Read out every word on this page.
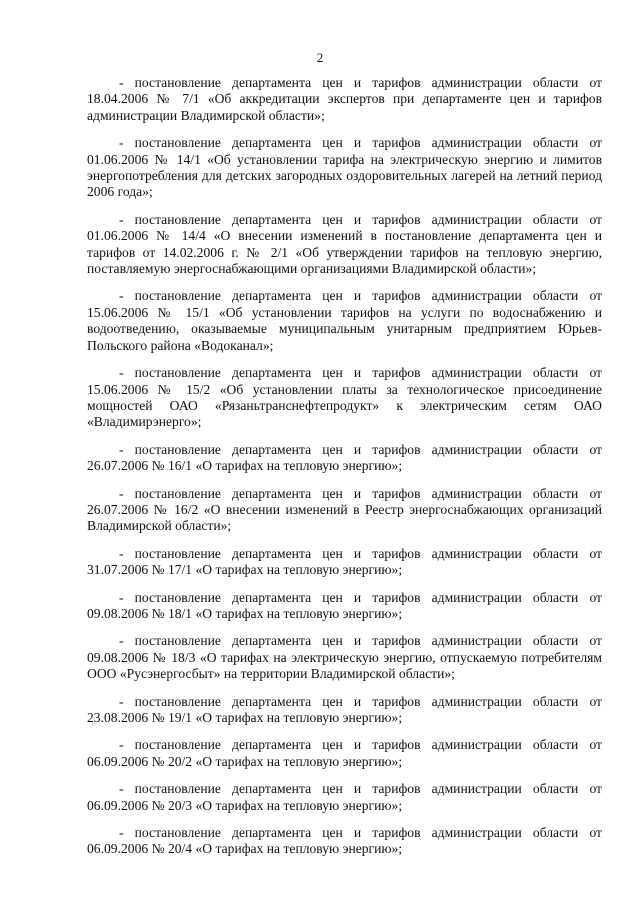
2

- постановление департамента цен и тарифов администрации области от 18.04.2006 № 7/1 «Об аккредитации экспертов при департаменте цен и тарифов администрации Владимирской области»;

- постановление департамента цен и тарифов администрации области от 01.06.2006 № 14/1 «Об установлении тарифа на электрическую энергию и лимитов энергопотребления для детских загородных оздоровительных лагерей на летний период 2006 года»;

- постановление департамента цен и тарифов администрации области от 01.06.2006 № 14/4 «О внесении изменений в постановление департамента цен и тарифов от 14.02.2006 г. № 2/1 «Об утверждении тарифов на тепловую энергию, поставляемую энергоснабжающими организациями Владимирской области»;

- постановление департамента цен и тарифов администрации области от 15.06.2006 № 15/1 «Об установлении тарифов на услуги по водоснабжению и водоотведению, оказываемые муниципальным унитарным предприятием Юрьев-Польского района «Водоканал»;

- постановление департамента цен и тарифов администрации области от 15.06.2006 № 15/2 «Об установлении платы за технологическое присоединение мощностей ОАО «Рязаньтранснефтепродукт» к электрическим сетям ОАО «Владимирэнерго»;

- постановление департамента цен и тарифов администрации области от 26.07.2006 № 16/1 «О тарифах на тепловую энергию»;

- постановление департамента цен и тарифов администрации области от 26.07.2006 № 16/2 «О внесении изменений в Реестр энергоснабжающих организаций Владимирской области»;

- постановление департамента цен и тарифов администрации области от 31.07.2006 № 17/1 «О тарифах на тепловую энергию»;

- постановление департамента цен и тарифов администрации области от 09.08.2006 № 18/1 «О тарифах на тепловую энергию»;

- постановление департамента цен и тарифов администрации области от 09.08.2006 № 18/3 «О тарифах на электрическую энергию, отпускаемую потребителям ООО «Русэнергосбыт» на территории Владимирской области»;

- постановление департамента цен и тарифов администрации области от 23.08.2006 № 19/1 «О тарифах на тепловую энергию»;

- постановление департамента цен и тарифов администрации области от 06.09.2006 № 20/2 «О тарифах на тепловую энергию»;

- постановление департамента цен и тарифов администрации области от 06.09.2006 № 20/3 «О тарифах на тепловую энергию»;

- постановление департамента цен и тарифов администрации области от 06.09.2006 № 20/4 «О тарифах на тепловую энергию»;
